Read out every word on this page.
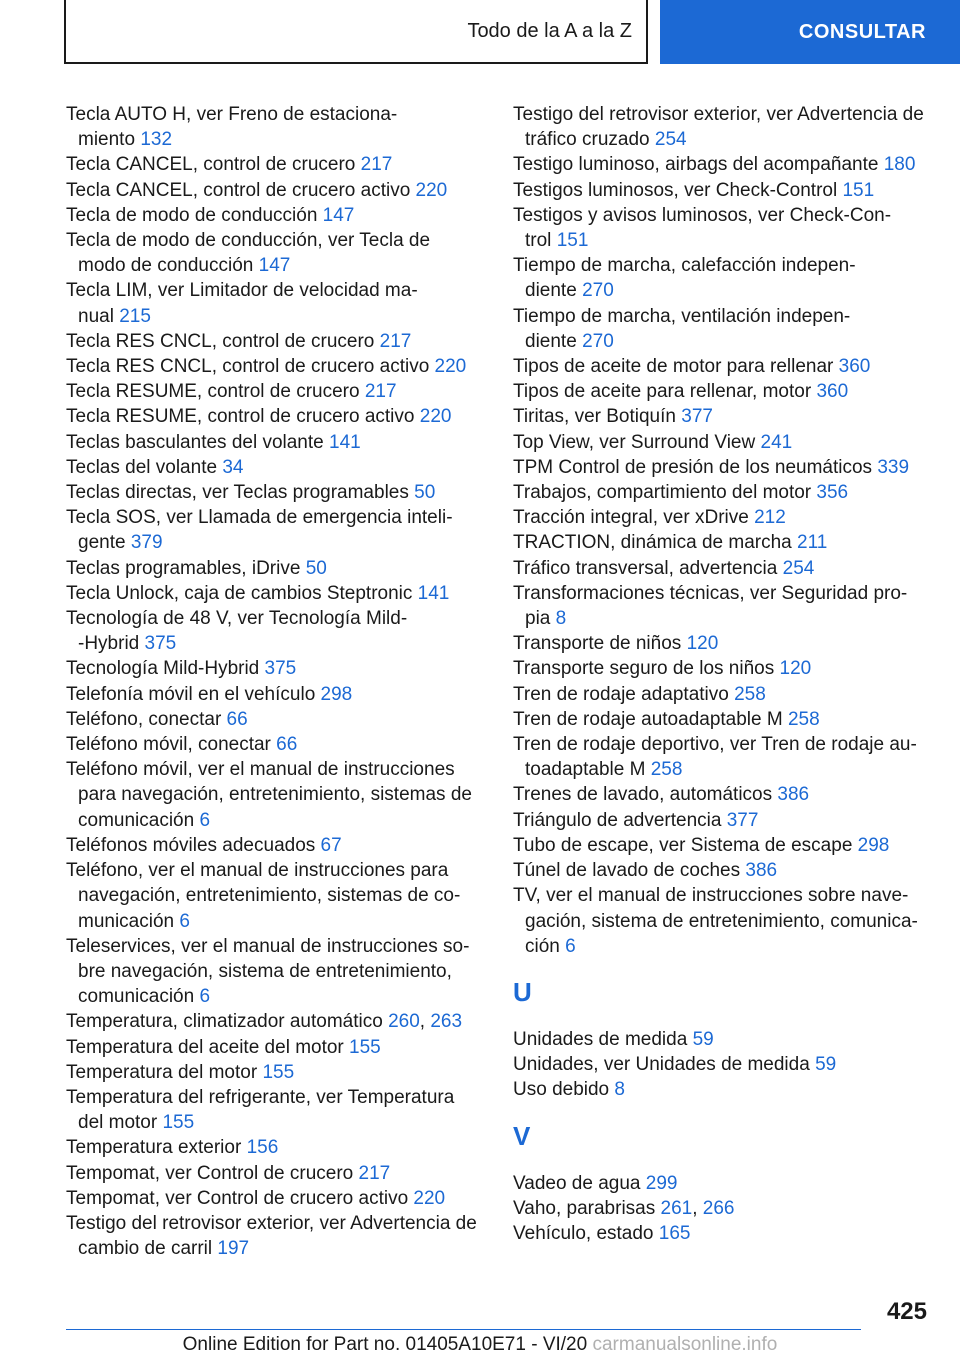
Todo de la A a la Z	CONSULTAR
Tecla AUTO H, ver Freno de estaciona-
miento 132
Tecla CANCEL, control de crucero 217
Tecla CANCEL, control de crucero activo 220
Tecla de modo de conducción 147
Tecla de modo de conducción, ver Tecla de
modo de conducción 147
Tecla LIM, ver Limitador de velocidad ma-
nual 215
Tecla RES CNCL, control de crucero 217
Tecla RES CNCL, control de crucero activo 220
Tecla RESUME, control de crucero 217
Tecla RESUME, control de crucero activo 220
Teclas basculantes del volante 141
Teclas del volante 34
Teclas directas, ver Teclas programables 50
Tecla SOS, ver Llamada de emergencia inteli-
gente 379
Teclas programables, iDrive 50
Tecla Unlock, caja de cambios Steptronic 141
Tecnología de 48 V, ver Tecnología Mild-
-Hybrid 375
Tecnología Mild-Hybrid 375
Telefonía móvil en el vehículo 298
Teléfono, conectar 66
Teléfono móvil, conectar 66
Teléfono móvil, ver el manual de instrucciones
para navegación, entretenimiento, sistemas de
comunicación 6
Teléfonos móviles adecuados 67
Teléfono, ver el manual de instrucciones para
navegación, entretenimiento, sistemas de co-
municación 6
Teleservices, ver el manual de instrucciones so-
bre navegación, sistema de entretenimiento,
comunicación 6
Temperatura, climatizador automático 260, 263
Temperatura del aceite del motor 155
Temperatura del motor 155
Temperatura del refrigerante, ver Temperatura
del motor 155
Temperatura exterior 156
Tempomat, ver Control de crucero 217
Tempomat, ver Control de crucero activo 220
Testigo del retrovisor exterior, ver Advertencia de
cambio de carril 197
Testigo del retrovisor exterior, ver Advertencia de
tráfico cruzado 254
Testigo luminoso, airbags del acompañante 180
Testigos luminosos, ver Check-Control 151
Testigos y avisos luminosos, ver Check-Con-
trol 151
Tiempo de marcha, calefacción indepen-
diente 270
Tiempo de marcha, ventilación indepen-
diente 270
Tipos de aceite de motor para rellenar 360
Tipos de aceite para rellenar, motor 360
Tiritas, ver Botiquín 377
Top View, ver Surround View 241
TPM Control de presión de los neumáticos 339
Trabajos, compartimiento del motor 356
Tracción integral, ver xDrive 212
TRACTION, dinámica de marcha 211
Tráfico transversal, advertencia 254
Transformaciones técnicas, ver Seguridad pro-
pia 8
Transporte de niños 120
Transporte seguro de los niños 120
Tren de rodaje adaptativo 258
Tren de rodaje autoadaptable M 258
Tren de rodaje deportivo, ver Tren de rodaje au-
toadaptable M 258
Trenes de lavado, automáticos 386
Triángulo de advertencia 377
Tubo de escape, ver Sistema de escape 298
Túnel de lavado de coches 386
TV, ver el manual de instrucciones sobre nave-
gación, sistema de entretenimiento, comunica-
ción 6
U
Unidades de medida 59
Unidades, ver Unidades de medida 59
Uso debido 8
V
Vadeo de agua 299
Vaho, parabrisas 261, 266
Vehículo, estado 165
425
Online Edition for Part no. 01405A10E71 - VI/20 carmanualsonline.info
